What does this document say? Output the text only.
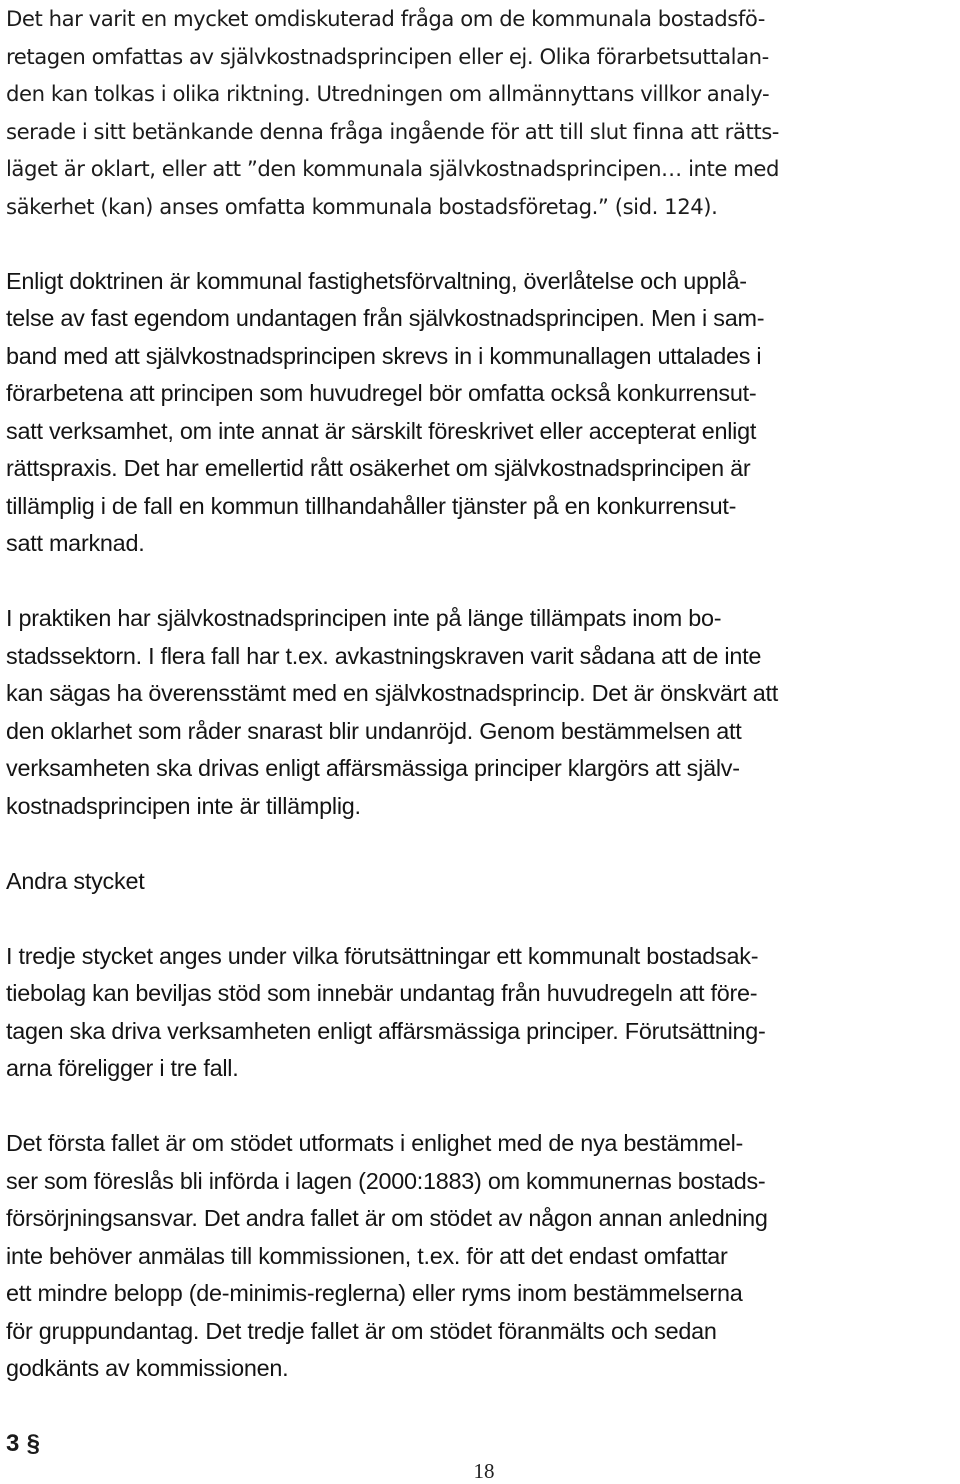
Det har varit en mycket omdiskuterad fråga om de kommunala bostadsfö-
retagen omfattas av självkostnadsprincipen eller ej. Olika förarbetsuttalan-
den kan tolkas i olika riktning. Utredningen om allmännyttans villkor analy-
serade i sitt betänkande denna fråga ingående för att till slut finna att rätts-
läget är oklart, eller att ”den kommunala självkostnadsprincipen… inte med
säkerhet (kan) anses omfatta kommunala bostadsföretag.” (sid. 124).
Enligt doktrinen är kommunal fastighetsförvaltning, överlåtelse och upplå-
telse av fast egendom undantagen från självkostnadsprincipen. Men i sam-
band med att självkostnadsprincipen skrevs in i kommunallagen uttalades i
förarbetena att principen som huvudregel bör omfatta också konkurrensut-
satt verksamhet, om inte annat är särskilt föreskrivet eller accepterat enligt
rättspraxis. Det har emellertid rått osäkerhet om självkostnadsprincipen är
tillämplig i de fall en kommun tillhandahåller tjänster på en konkurrensut-
satt marknad.
I praktiken har självkostnadsprincipen inte på länge tillämpats inom bo-
stadssektorn. I flera fall har t.ex. avkastningskraven varit sådana att de inte
kan sägas ha överensstämt med en självkostnadsprincip. Det är önskvärt att
den oklarhet som råder snarast blir undanröjd. Genom bestämmelsen att
verksamheten ska drivas enligt affärsmässiga principer klargörs att själv-
kostnadsprincipen inte är tillämplig.
Andra stycket
I tredje stycket anges under vilka förutsättningar ett kommunalt bostadsak-
tiebolag kan beviljas stöd som innebär undantag från huvudregeln att före-
tagen ska driva verksamheten enligt affärsmässiga principer. Förutsättning-
arna föreligger i tre fall.
Det första fallet är om stödet utformats i enlighet med de nya bestämmel-
ser som föreslås bli införda i lagen (2000:1883) om kommunernas bostads-
försörjningsansvar. Det andra fallet är om stödet av någon annan anledning
inte behöver anmälas till kommissionen, t.ex. för att det endast omfattar
ett mindre belopp (de-minimis-reglerna) eller ryms inom bestämmelserna
för gruppundantag. Det tredje fallet är om stödet föranmälts och sedan
godkänts av kommissionen.
3 §
18
